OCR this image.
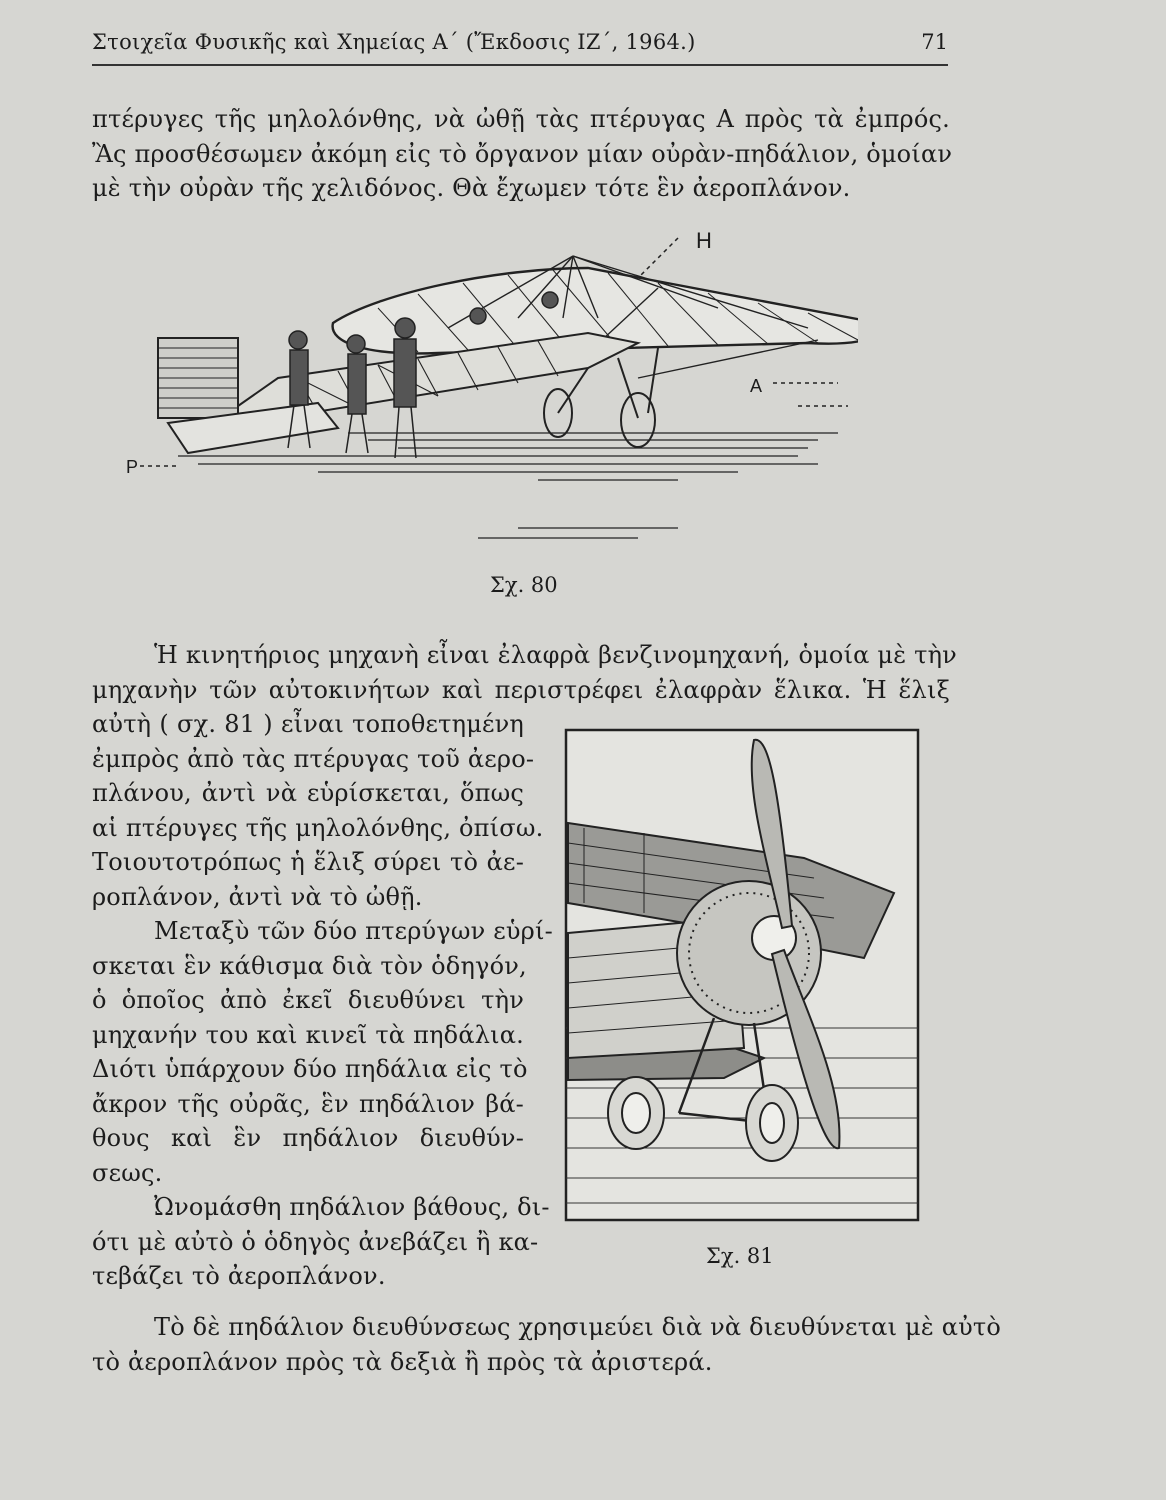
Στοιχεῖα Φυσικῆς καὶ Χημείας Α΄ (Ἔκδοσις ΙΖ΄, 1964.)	71
πτέρυγες τῆς μηλολόνθης, νὰ ὠθῇ τὰς πτέρυγας Α πρὸς τὰ ἐμπρός.
Ἂς προσθέσωμεν ἀκόμη εἰς τὸ ὄργανον μίαν οὐρὰν-πηδάλιον, ὁμοίαν
μὲ τὴν οὐρὰν τῆς χελιδόνος. Θὰ ἔχωμεν τότε ἓν ἀεροπλάνον.
Η
Α
Ρ
Σχ. 80
Ἡ κινητήριος μηχανὴ εἶναι ἐλαφρὰ βενζινομηχανή, ὁμοία μὲ τὴν
μηχανὴν τῶν αὐτοκινήτων καὶ περιστρέφει ἐλαφρὰν ἕλικα. Ἡ ἕλιξ
αὐτὴ ( σχ. 81 ) εἶναι τοποθετημένη
ἐμπρὸς ἀπὸ τὰς πτέρυγας τοῦ ἀερο-
πλάνου, ἀντὶ νὰ εὑρίσκεται, ὅπως
αἱ πτέρυγες τῆς μηλολόνθης, ὀπίσω.
Τοιουτοτρόπως ἡ ἕλιξ σύρει τὸ ἀε-
ροπλάνον, ἀντὶ νὰ τὸ ὠθῇ.
Μεταξὺ τῶν δύο πτερύγων εὑρί-
σκεται ἓν κάθισμα διὰ τὸν ὁδηγόν,
ὁ ὁποῖος ἀπὸ ἐκεῖ διευθύνει τὴν
μηχανήν του καὶ κινεῖ τὰ πηδάλια.
Διότι ὑπάρχουν δύο πηδάλια εἰς τὸ
ἄκρον τῆς οὐρᾶς, ἓν πηδάλιον βά-
θους καὶ ἓν πηδάλιον διευθύν-
σεως.
Ὠνομάσθη πηδάλιον βάθους, δι-
ότι μὲ αὐτὸ ὁ ὁδηγὸς ἀνεβάζει ἢ κα-
τεβάζει τὸ ἀεροπλάνον.
Σχ. 81
Τὸ δὲ πηδάλιον διευθύνσεως χρησιμεύει διὰ νὰ διευθύνεται μὲ αὐτὸ
τὸ ἀεροπλάνον πρὸς τὰ δεξιὰ ἢ πρὸς τὰ ἀριστερά.
